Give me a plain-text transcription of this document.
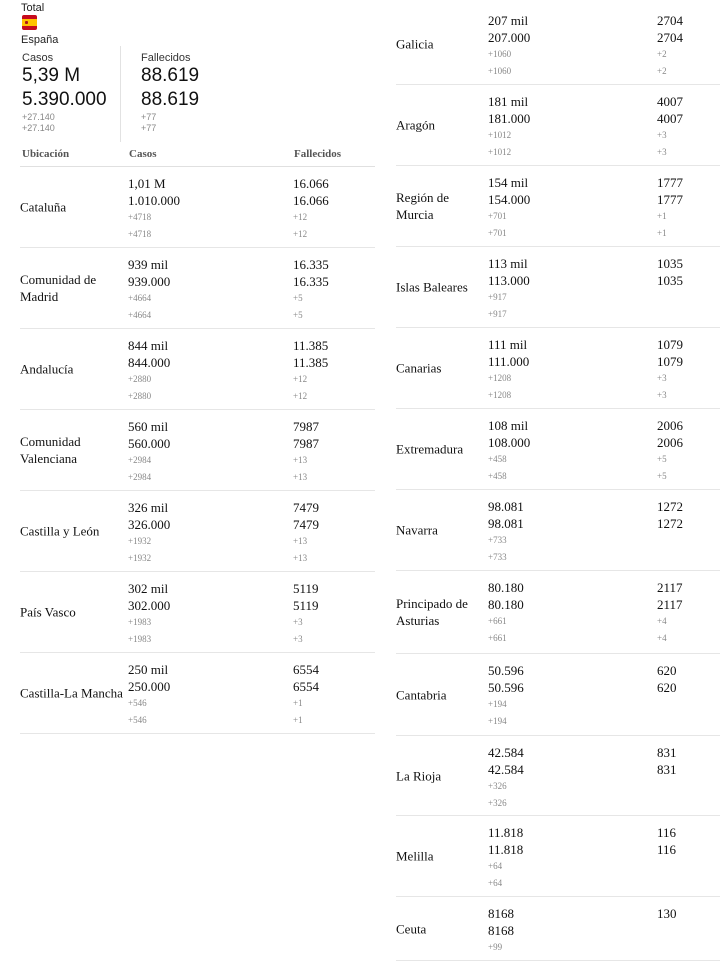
Total
España
Casos
5,39 M
5.390.000
+27.140
+27.140
Fallecidos
88.619
88.619
+77
+77
Ubicación	Casos	Fallecidos
Cataluña
1,01 M
1.010.000
+4718
+4718
16.066
16.066
+12
+12
Comunidad de Madrid
939 mil
939.000
+4664
+4664
16.335
16.335
+5
+5
Andalucía
844 mil
844.000
+2880
+2880
11.385
11.385
+12
+12
Comunidad Valenciana
560 mil
560.000
+2984
+2984
7987
7987
+13
+13
Castilla y León
326 mil
326.000
+1932
+1932
7479
7479
+13
+13
País Vasco
302 mil
302.000
+1983
+1983
5119
5119
+3
+3
Castilla-La Mancha
250 mil
250.000
+546
+546
6554
6554
+1
+1
Galicia
207 mil
207.000
+1060
+1060
2704
2704
+2
+2
Aragón
181 mil
181.000
+1012
+1012
4007
4007
+3
+3
Región de Murcia
154 mil
154.000
+701
+701
1777
1777
+1
+1
Islas Baleares
113 mil
113.000
+917
+917
1035
1035
Canarias
111 mil
111.000
+1208
+1208
1079
1079
+3
+3
Extremadura
108 mil
108.000
+458
+458
2006
2006
+5
+5
Navarra
98.081
98.081
+733
+733
1272
1272
Principado de Asturias
80.180
80.180
+661
+661
2117
2117
+4
+4
Cantabria
50.596
50.596
+194
+194
620
620
La Rioja
42.584
42.584
+326
+326
831
831
Melilla
11.818
11.818
+64
+64
116
116
Ceuta
8168
8168
+99
130
